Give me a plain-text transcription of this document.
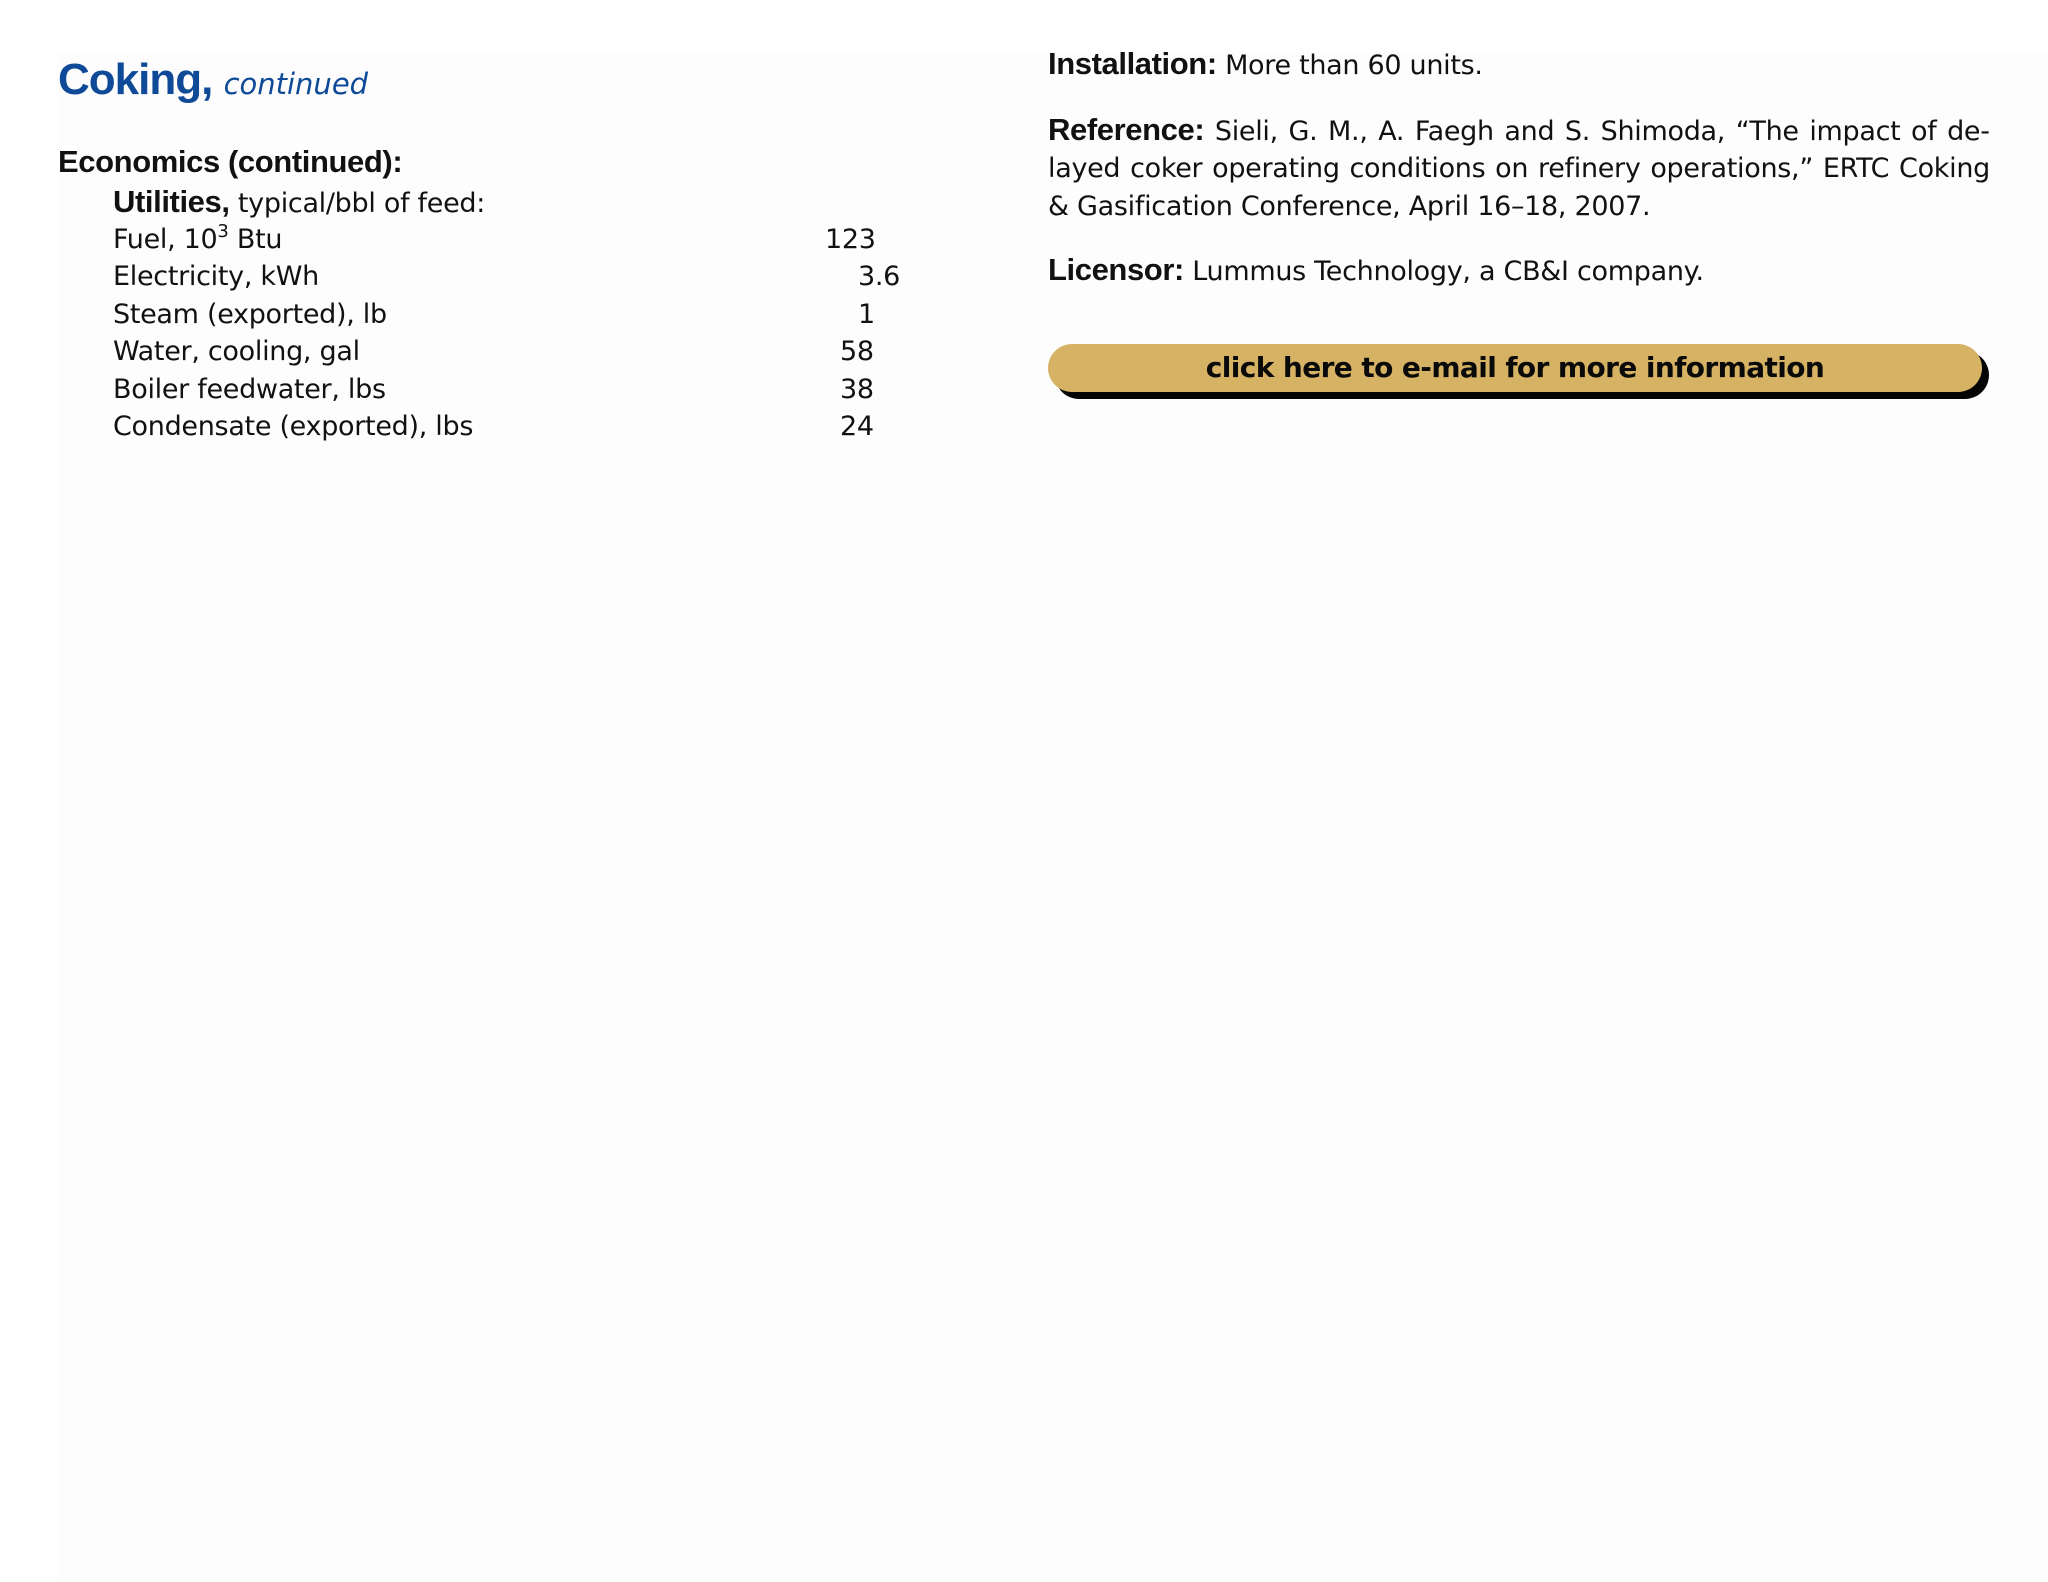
Coking, continued
Economics (continued):
Utilities, typical/bbl of feed:
Fuel, $10^3$ Btu	123
Electricity, kWh	3.6
Steam (exported), lb	1
Water, cooling, gal	58
Boiler feedwater, lbs	38
Condensate (exported), lbs	24

Installation: More than 60 units.

Reference: Sieli, G. M., A. Faegh and S. Shimoda, “The impact of delayed coker operating conditions on refinery operations,” ERTC Coking & Gasification Conference, April 16–18, 2007.

Licensor: Lummus Technology, a CB&I company.

click here to e-mail for more information
